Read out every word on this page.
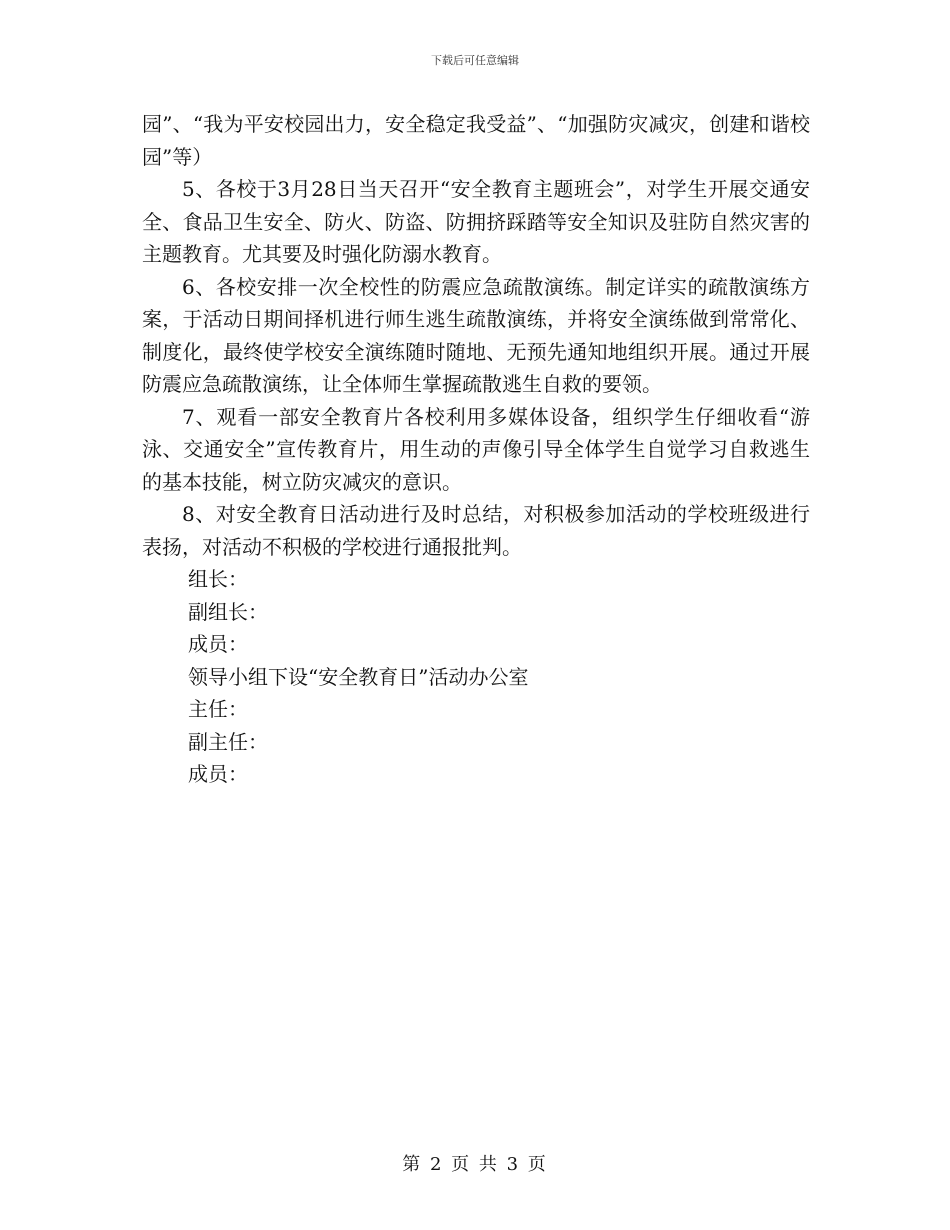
下载后可任意编辑

园”、“我为平安校园出力，安全稳定我受益”、“加强防灾减灾，创建和谐校园”等）

5、各校于3月28日当天召开“安全教育主题班会”，对学生开展交通安全、食品卫生安全、防火、防盗、防拥挤踩踏等安全知识及驻防自然灾害的主题教育。尤其要及时强化防溺水教育。

6、各校安排一次全校性的防震应急疏散演练。制定详实的疏散演练方案，于活动日期间择机进行师生逃生疏散演练，并将安全演练做到常常化、制度化，最终使学校安全演练随时随地、无预先通知地组织开展。通过开展防震应急疏散演练，让全体师生掌握疏散逃生自救的要领。

7、观看一部安全教育片各校利用多媒体设备，组织学生仔细收看“游泳、交通安全”宣传教育片，用生动的声像引导全体学生自觉学习自救逃生的基本技能，树立防灾减灾的意识。

8、对安全教育日活动进行及时总结，对积极参加活动的学校班级进行表扬，对活动不积极的学校进行通报批判。

组长：
副组长：
成员：
领导小组下设“安全教育日”活动办公室
主任：
副主任：
成员：
第 2 页 共 3 页
